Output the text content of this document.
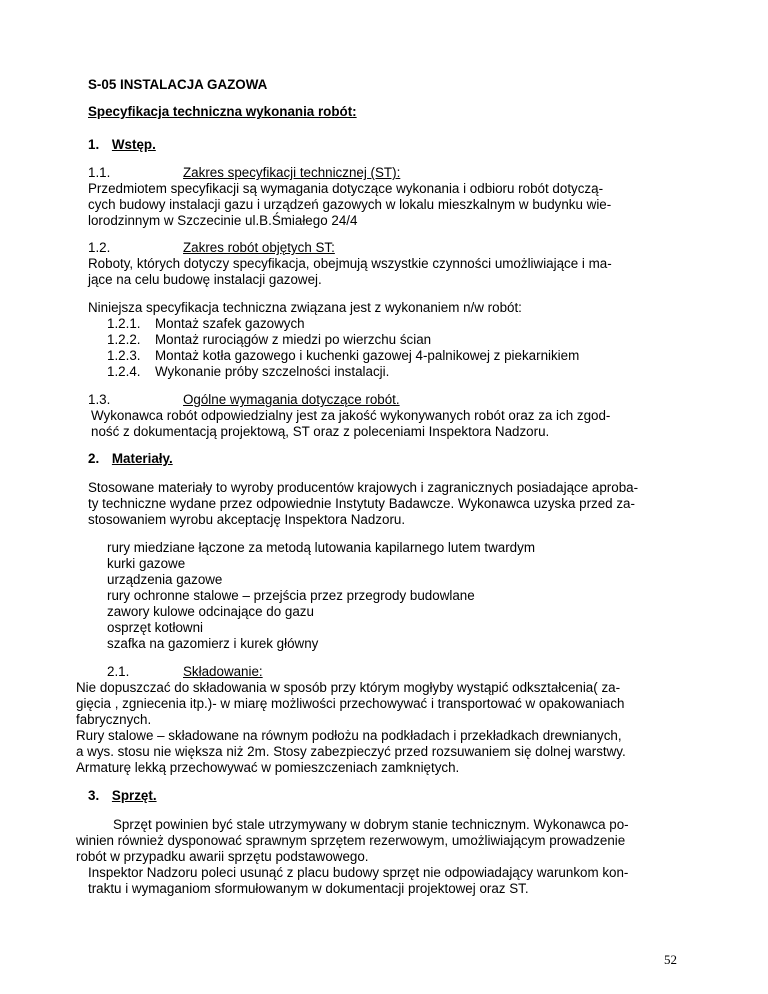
S-05 INSTALACJA GAZOWA
Specyfikacja techniczna wykonania robót:
1. Wstęp.
1.1.	Zakres specyfikacji technicznej (ST):
Przedmiotem specyfikacji są wymagania dotyczące wykonania i odbioru robót dotyczą-
cych budowy instalacji gazu i urządzeń gazowych w lokalu mieszkalnym w budynku wie-
lorodzinnym w Szczecinie ul.B.Śmiałego 24/4
1.2.	Zakres robót objętych ST:
Roboty, których dotyczy specyfikacja, obejmują wszystkie czynności umożliwiające i ma-
jące na celu budowę instalacji gazowej.
Niniejsza specyfikacja techniczna związana jest z wykonaniem n/w robót:
1.2.1. Montaż szafek gazowych
1.2.2. Montaż rurociągów z miedzi po wierzchu ścian
1.2.3. Montaż kotła gazowego i kuchenki gazowej 4-palnikowej z piekarnikiem
1.2.4. Wykonanie próby szczelności instalacji.
1.3.	Ogólne wymagania dotyczące robót.
Wykonawca robót odpowiedzialny jest za jakość wykonywanych robót oraz za ich zgod-
ność z dokumentacją projektową, ST oraz z poleceniami Inspektora Nadzoru.
2. Materiały.
Stosowane materiały to wyroby producentów krajowych i zagranicznych posiadające aproba-
ty techniczne wydane przez odpowiednie Instytuty Badawcze. Wykonawca uzyska przed za-
stosowaniem wyrobu akceptację Inspektora Nadzoru.
rury miedziane łączone za metodą lutowania kapilarnego lutem twardym
kurki gazowe
urządzenia gazowe
rury ochronne stalowe – przejścia przez przegrody budowlane
zawory kulowe odcinające do gazu
osprzęt kotłowni
szafka na gazomierz i kurek główny
2.1.	Składowanie:
Nie dopuszczać do składowania w sposób przy którym mogłyby wystąpić odkształcenia( za-
gięcia , zgniecenia itp.)- w miarę możliwości przechowywać i transportować w opakowaniach
fabrycznych.
Rury stalowe – składowane na równym podłożu na podkładach i przekładkach drewnianych,
a wys. stosu nie większa niż 2m. Stosy zabezpieczyć przed rozsuwaniem się dolnej warstwy.
Armaturę lekką przechowywać w pomieszczeniach zamkniętych.
3. Sprzęt.
Sprzęt powinien być stale utrzymywany w dobrym stanie technicznym. Wykonawca po-
winien również dysponować sprawnym sprzętem rezerwowym, umożliwiającym prowadzenie
robót w przypadku awarii sprzętu podstawowego.
Inspektor Nadzoru poleci usunąć z placu budowy sprzęt nie odpowiadający warunkom kon-
traktu i wymaganiom sformułowanym w dokumentacji projektowej oraz ST.
52
